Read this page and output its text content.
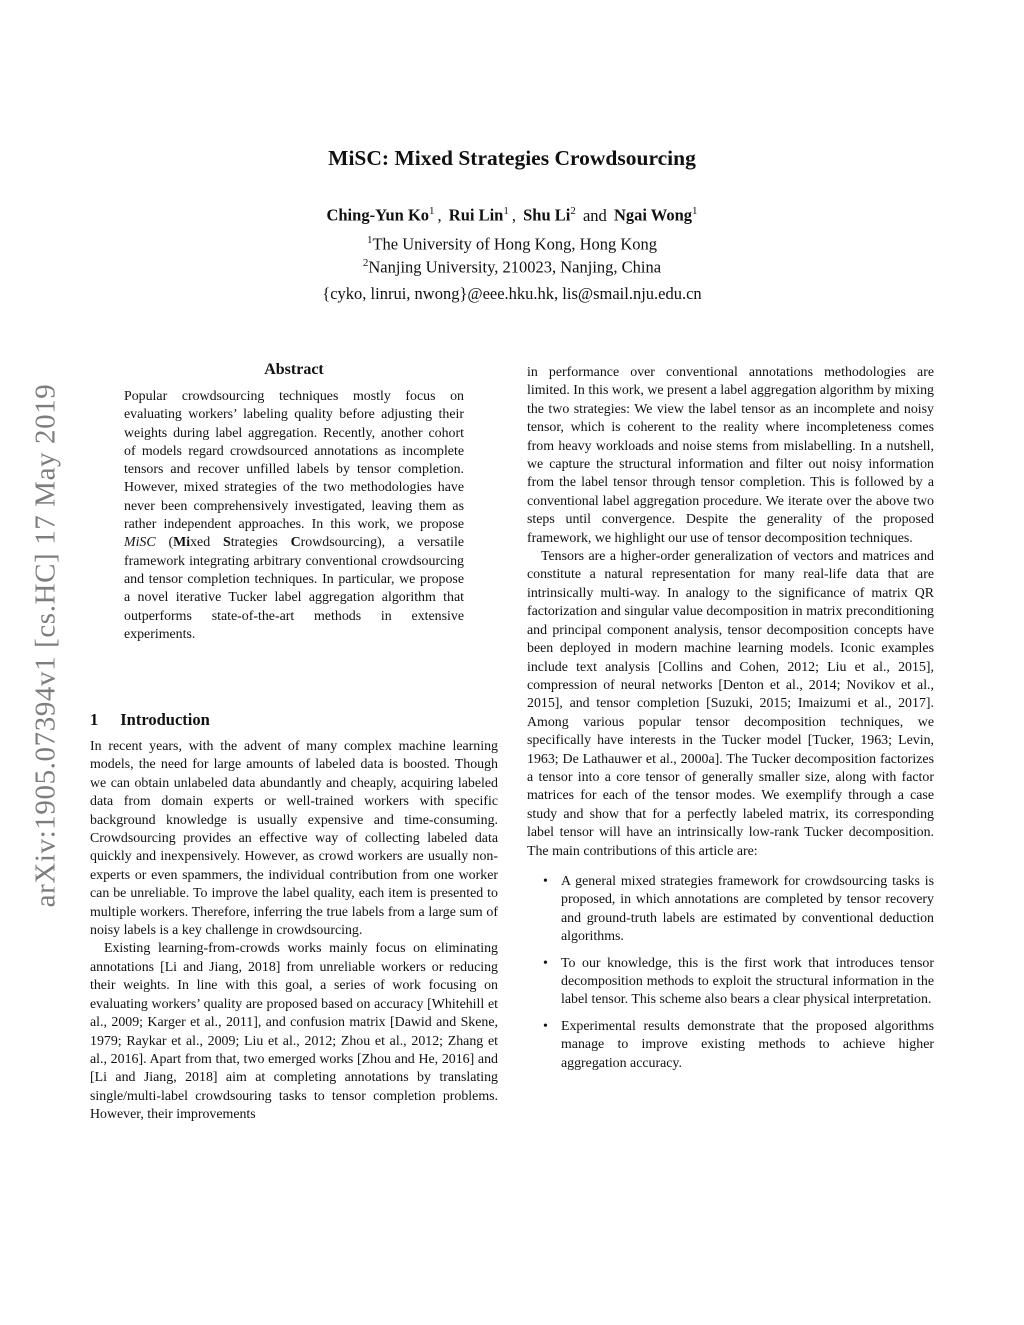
arXiv:1905.07394v1 [cs.HC] 17 May 2019
MiSC: Mixed Strategies Crowdsourcing
Ching-Yun Ko$^1$ , Rui Lin$^1$ , Shu Li$^2$ and Ngai Wong$^1$
$^1$The University of Hong Kong, Hong Kong
$^2$Nanjing University, 210023, Nanjing, China
{cyko, linrui, nwong}@eee.hku.hk, lis@smail.nju.edu.cn
Abstract

Popular crowdsourcing techniques mostly focus on evaluating workers’ labeling quality before adjusting their weights during label aggregation. Recently, another cohort of models regard crowdsourced annotations as incomplete tensors and recover unfilled labels by tensor completion. However, mixed strategies of the two methodologies have never been comprehensively investigated, leaving them as rather independent approaches. In this work, we propose MiSC (Mixed Strategies Crowdsourcing), a versatile framework integrating arbitrary conventional crowdsourcing and tensor completion techniques. In particular, we propose a novel iterative Tucker label aggregation algorithm that outperforms state-of-the-art methods in extensive experiments.

1 Introduction

In recent years, with the advent of many complex machine learning models, the need for large amounts of labeled data is boosted. Though we can obtain unlabeled data abundantly and cheaply, acquiring labeled data from domain experts or well-trained workers with specific background knowledge is usually expensive and time-consuming. Crowdsourcing provides an effective way of collecting labeled data quickly and inexpensively. However, as crowd workers are usually non-experts or even spammers, the individual contribution from one worker can be unreliable. To improve the label quality, each item is presented to multiple workers. Therefore, inferring the true labels from a large sum of noisy labels is a key challenge in crowdsourcing.

Existing learning-from-crowds works mainly focus on eliminating annotations [Li and Jiang, 2018] from unreliable workers or reducing their weights. In line with this goal, a series of work focusing on evaluating workers’ quality are proposed based on accuracy [Whitehill et al., 2009; Karger et al., 2011], and confusion matrix [Dawid and Skene, 1979; Raykar et al., 2009; Liu et al., 2012; Zhou et al., 2012; Zhang et al., 2016]. Apart from that, two emerged works [Zhou and He, 2016] and [Li and Jiang, 2018] aim at completing annotations by translating single/multi-label crowdsouring tasks to tensor completion problems. However, their improvements

in performance over conventional annotations methodologies are limited. In this work, we present a label aggregation algorithm by mixing the two strategies: We view the label tensor as an incomplete and noisy tensor, which is coherent to the reality where incompleteness comes from heavy workloads and noise stems from mislabelling. In a nutshell, we capture the structural information and filter out noisy information from the label tensor through tensor completion. This is followed by a conventional label aggregation procedure. We iterate over the above two steps until convergence. Despite the generality of the proposed framework, we highlight our use of tensor decomposition techniques.

Tensors are a higher-order generalization of vectors and matrices and constitute a natural representation for many real-life data that are intrinsically multi-way. In analogy to the significance of matrix QR factorization and singular value decomposition in matrix preconditioning and principal component analysis, tensor decomposition concepts have been deployed in modern machine learning models. Iconic examples include text analysis [Collins and Cohen, 2012; Liu et al., 2015], compression of neural networks [Denton et al., 2014; Novikov et al., 2015], and tensor completion [Suzuki, 2015; Imaizumi et al., 2017]. Among various popular tensor decomposition techniques, we specifically have interests in the Tucker model [Tucker, 1963; Levin, 1963; De Lathauwer et al., 2000a]. The Tucker decomposition factorizes a tensor into a core tensor of generally smaller size, along with factor matrices for each of the tensor modes. We exemplify through a case study and show that for a perfectly labeled matrix, its corresponding label tensor will have an intrinsically low-rank Tucker decomposition. The main contributions of this article are:

• A general mixed strategies framework for crowdsourcing tasks is proposed, in which annotations are completed by tensor recovery and ground-truth labels are estimated by conventional deduction algorithms.
• To our knowledge, this is the first work that introduces tensor decomposition methods to exploit the structural information in the label tensor. This scheme also bears a clear physical interpretation.
• Experimental results demonstrate that the proposed algorithms manage to improve existing methods to achieve higher aggregation accuracy.
